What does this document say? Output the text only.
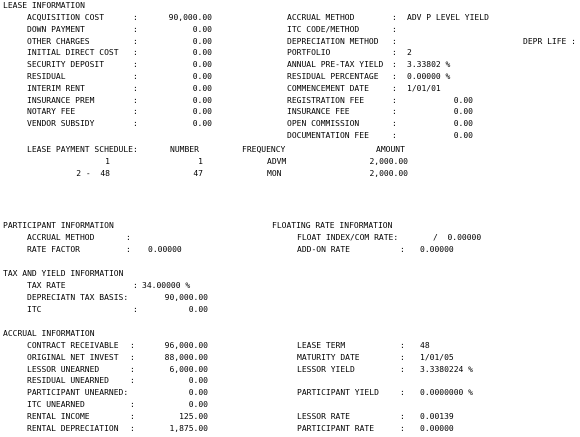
LEASE INFORMATION
ACQUISITION COST	:	90,000.00
DOWN PAYMENT	:	0.00
OTHER CHARGES	:	0.00
INITIAL DIRECT COST :	0.00
SECURITY DEPOSIT	:	0.00
RESIDUAL	:	0.00
INTERIM RENT	:	0.00
INSURANCE PREM	:	0.00
NOTARY FEE	:	0.00
VENDOR SUBSIDY	:	0.00
ACCRUAL METHOD	: ADV P LEVEL YIELD
ITC CODE/METHOD	:
DEPRECIATION METHOD :
PORTFOLIO	: 2
ANNUAL PRE-TAX YIELD : 3.33802 %
RESIDUAL PERCENTAGE : 0.00000 %
COMMENCEMENT DATE	: 1/01/01
REGISTRATION FEE	:	0.00
INSURANCE FEE	:	0.00
OPEN COMMISSION	:	0.00
DOCUMENTATION FEE	:	0.00
DEPR LIFE :
LEASE PAYMENT SCHEDULE:	NUMBER	FREQUENCY	AMOUNT
1	1	ADVM	2,000.00
2 -  48	47	MON	2,000.00
PARTICIPANT INFORMATION
ACCRUAL METHOD	:
RATE FACTOR	: 0.00000
FLOATING RATE INFORMATION
FLOAT INDEX/COM RATE:	/  0.00000
ADD-ON RATE	: 0.00000
TAX AND YIELD INFORMATION
TAX RATE	: 34.00000 %
DEPRECIATN TAX BASIS:	90,000.00
ITC	:	0.00
ACCRUAL INFORMATION
CONTRACT RECEIVABLE :	96,000.00
ORIGINAL NET INVEST :	88,000.00
LESSOR UNEARNED	:	6,000.00
RESIDUAL UNEARNED	:	0.00
PARTICIPANT UNEARNED:	0.00
ITC UNEARNED	:	0.00
RENTAL INCOME	:	125.00
RENTAL DEPRECIATION :	1,875.00
LEASE TERM	: 48
MATURITY DATE	: 1/01/05
LESSOR YIELD	: 3.3380224 %
PARTICIPANT YIELD	: 0.0000000 %
LESSOR RATE	: 0.00139
PARTICIPANT RATE	: 0.00000
